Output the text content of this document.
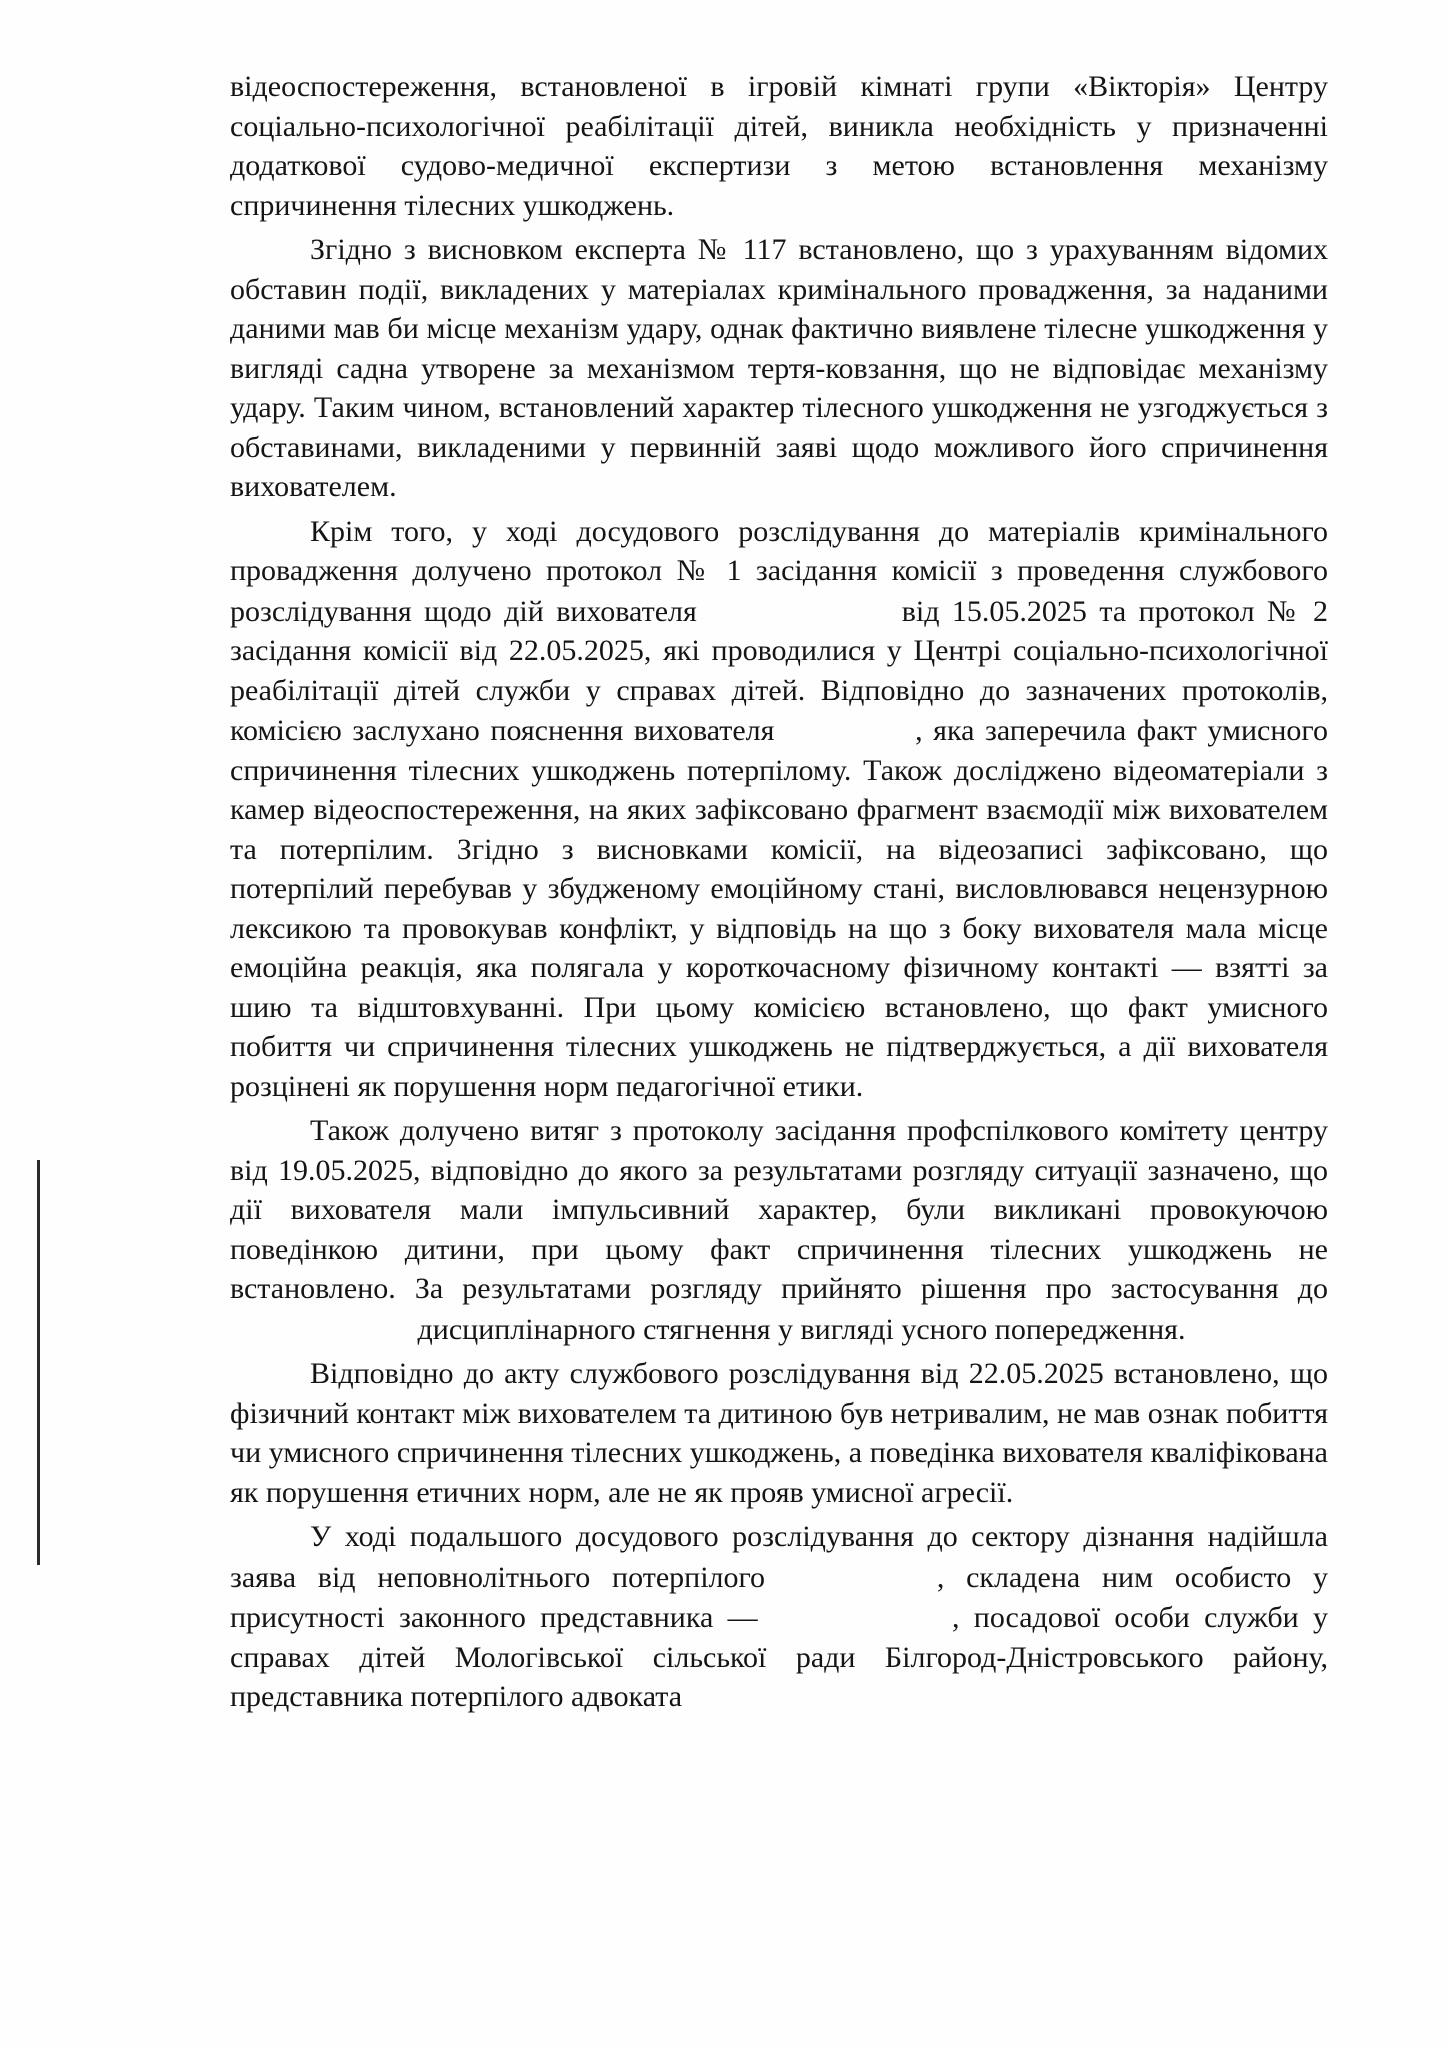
відеоспостереження, встановленої в ігровій кімнаті групи «Вікторія» Центру соціально-психологічної реабілітації дітей, виникла необхідність у призначенні додаткової судово-медичної експертизи з метою встановлення механізму спричинення тілесних ушкоджень.

Згідно з висновком експерта № 117 встановлено, що з урахуванням відомих обставин події, викладених у матеріалах кримінального провадження, за наданими даними мав би місце механізм удару, однак фактично виявлене тілесне ушкодження у вигляді садна утворене за механізмом тертя-ковзання, що не відповідає механізму удару. Таким чином, встановлений характер тілесного ушкодження не узгоджується з обставинами, викладеними у первинній заяві щодо можливого його спричинення вихователем.

Крім того, у ході досудового розслідування до матеріалів кримінального провадження долучено протокол № 1 засідання комісії з проведення службового розслідування щодо дій вихователя	від 15.05.2025 та протокол № 2 засідання комісії від 22.05.2025, які проводилися у Центрі соціально-психологічної реабілітації дітей служби у справах дітей. Відповідно до зазначених протоколів, комісією заслухано пояснення вихователя	, яка заперечила факт умисного спричинення тілесних ушкоджень потерпілому. Також досліджено відеоматеріали з камер відеоспостереження, на яких зафіксовано фрагмент взаємодії між вихователем та потерпілим. Згідно з висновками комісії, на відеозаписі зафіксовано, що потерпілий перебував у збудженому емоційному стані, висловлювався нецензурною лексикою та провокував конфлікт, у відповідь на що з боку вихователя мала місце емоційна реакція, яка полягала у короткочасному фізичному контакті — взятті за шию та відштовхуванні. При цьому комісією встановлено, що факт умисного побиття чи спричинення тілесних ушкоджень не підтверджується, а дії вихователя розцінені як порушення норм педагогічної етики.

Також долучено витяг з протоколу засідання профспілкового комітету центру від 19.05.2025, відповідно до якого за результатами розгляду ситуації зазначено, що дії вихователя мали імпульсивний характер, були викликані провокуючою поведінкою дитини, при цьому факт спричинення тілесних ушкоджень не встановлено. За результатами розгляду прийнято рішення про застосування до  дисциплінарного стягнення у вигляді усного попередження.

Відповідно до акту службового розслідування від 22.05.2025 встановлено, що фізичний контакт між вихователем та дитиною був нетривалим, не мав ознак побиття чи умисного спричинення тілесних ушкоджень, а поведінка вихователя кваліфікована як порушення етичних норм, але не як прояв умисної агресії.

У ході подальшого досудового розслідування до сектору дізнання надійшла заява від неповнолітнього потерпілого	, складена ним особисто у присутності законного представника —	, посадової особи служби у справах дітей Мологівської сільської ради Білгород-Дністровського району, представника потерпілого адвоката
